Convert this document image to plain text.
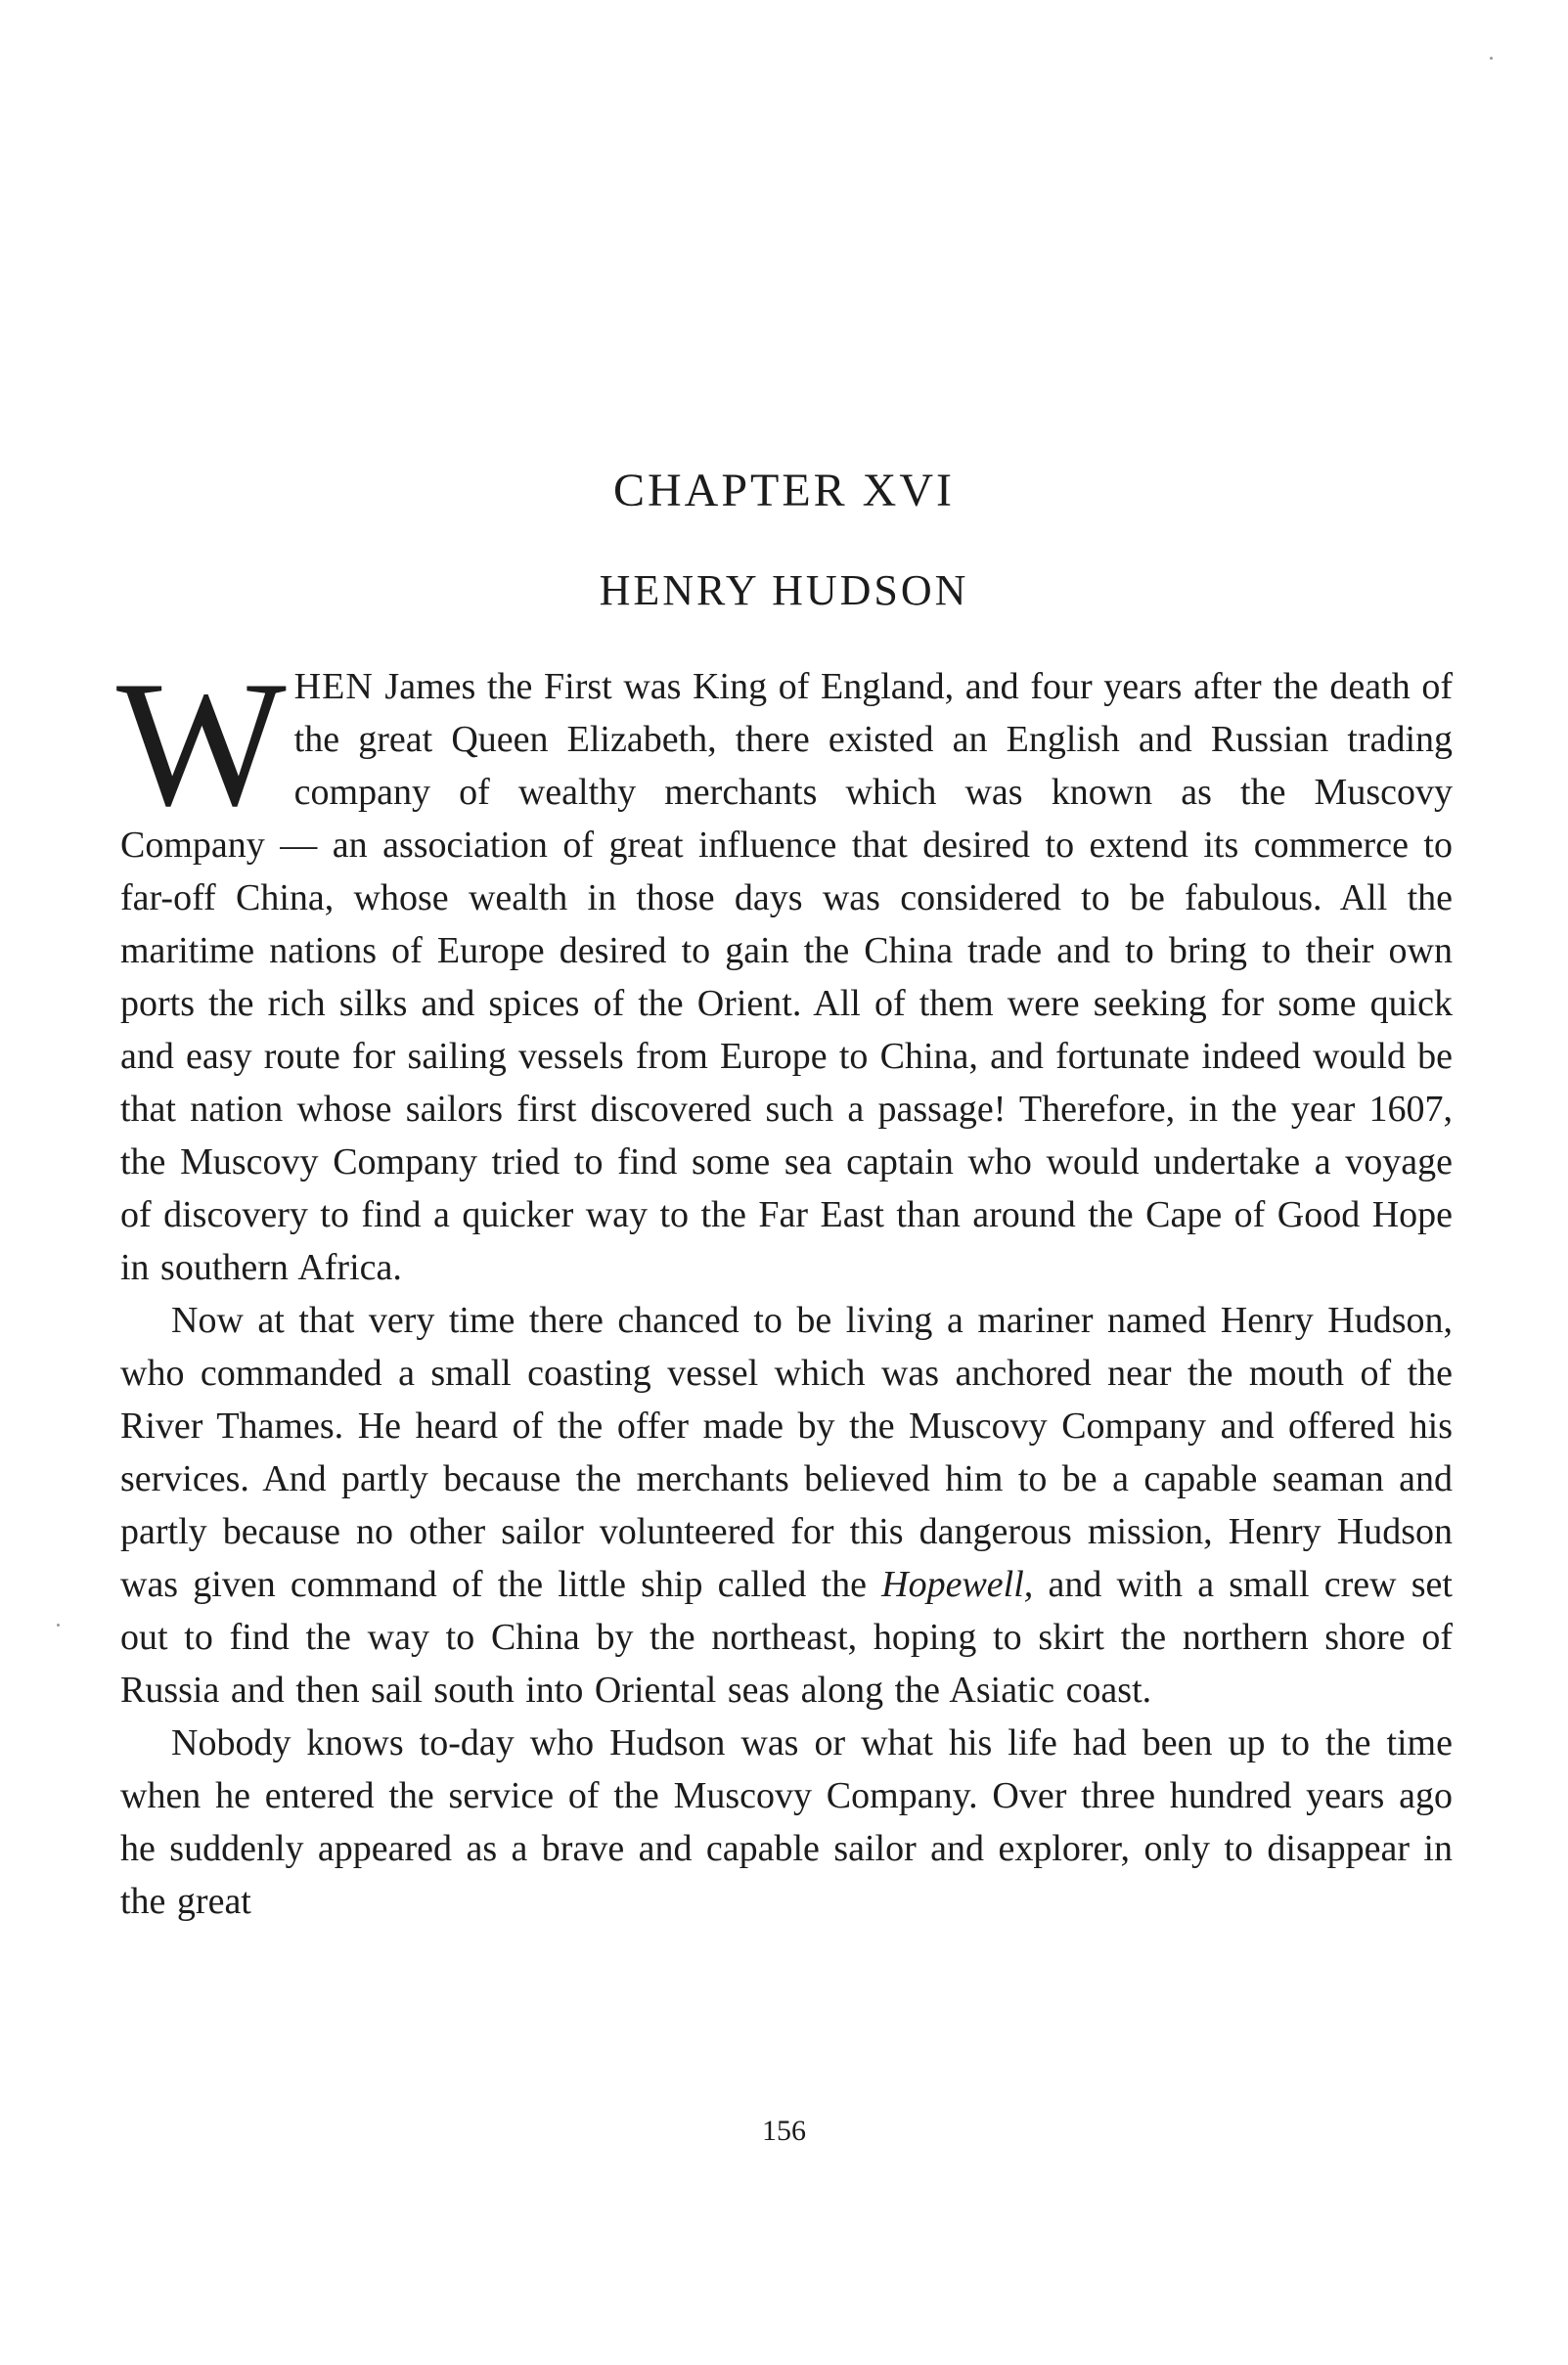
CHAPTER XVI
HENRY HUDSON

WHEN James the First was King of England, and four years after the death of the great Queen Elizabeth, there existed an English and Russian trading company of wealthy merchants which was known as the Muscovy Company — an association of great influence that desired to extend its commerce to far-off China, whose wealth in those days was considered to be fabulous. All the maritime nations of Europe desired to gain the China trade and to bring to their own ports the rich silks and spices of the Orient. All of them were seeking for some quick and easy route for sailing vessels from Europe to China, and fortunate indeed would be that nation whose sailors first discovered such a passage! Therefore, in the year 1607, the Muscovy Company tried to find some sea captain who would undertake a voyage of discovery to find a quicker way to the Far East than around the Cape of Good Hope in southern Africa.

Now at that very time there chanced to be living a mariner named Henry Hudson, who commanded a small coasting vessel which was anchored near the mouth of the River Thames. He heard of the offer made by the Muscovy Company and offered his services. And partly because the merchants believed him to be a capable seaman and partly because no other sailor volunteered for this dangerous mission, Henry Hudson was given command of the little ship called the Hopewell, and with a small crew set out to find the way to China by the northeast, hoping to skirt the northern shore of Russia and then sail south into Oriental seas along the Asiatic coast.

Nobody knows to-day who Hudson was or what his life had been up to the time when he entered the service of the Muscovy Company. Over three hundred years ago he suddenly appeared as a brave and capable sailor and explorer, only to disappear in the great

156
